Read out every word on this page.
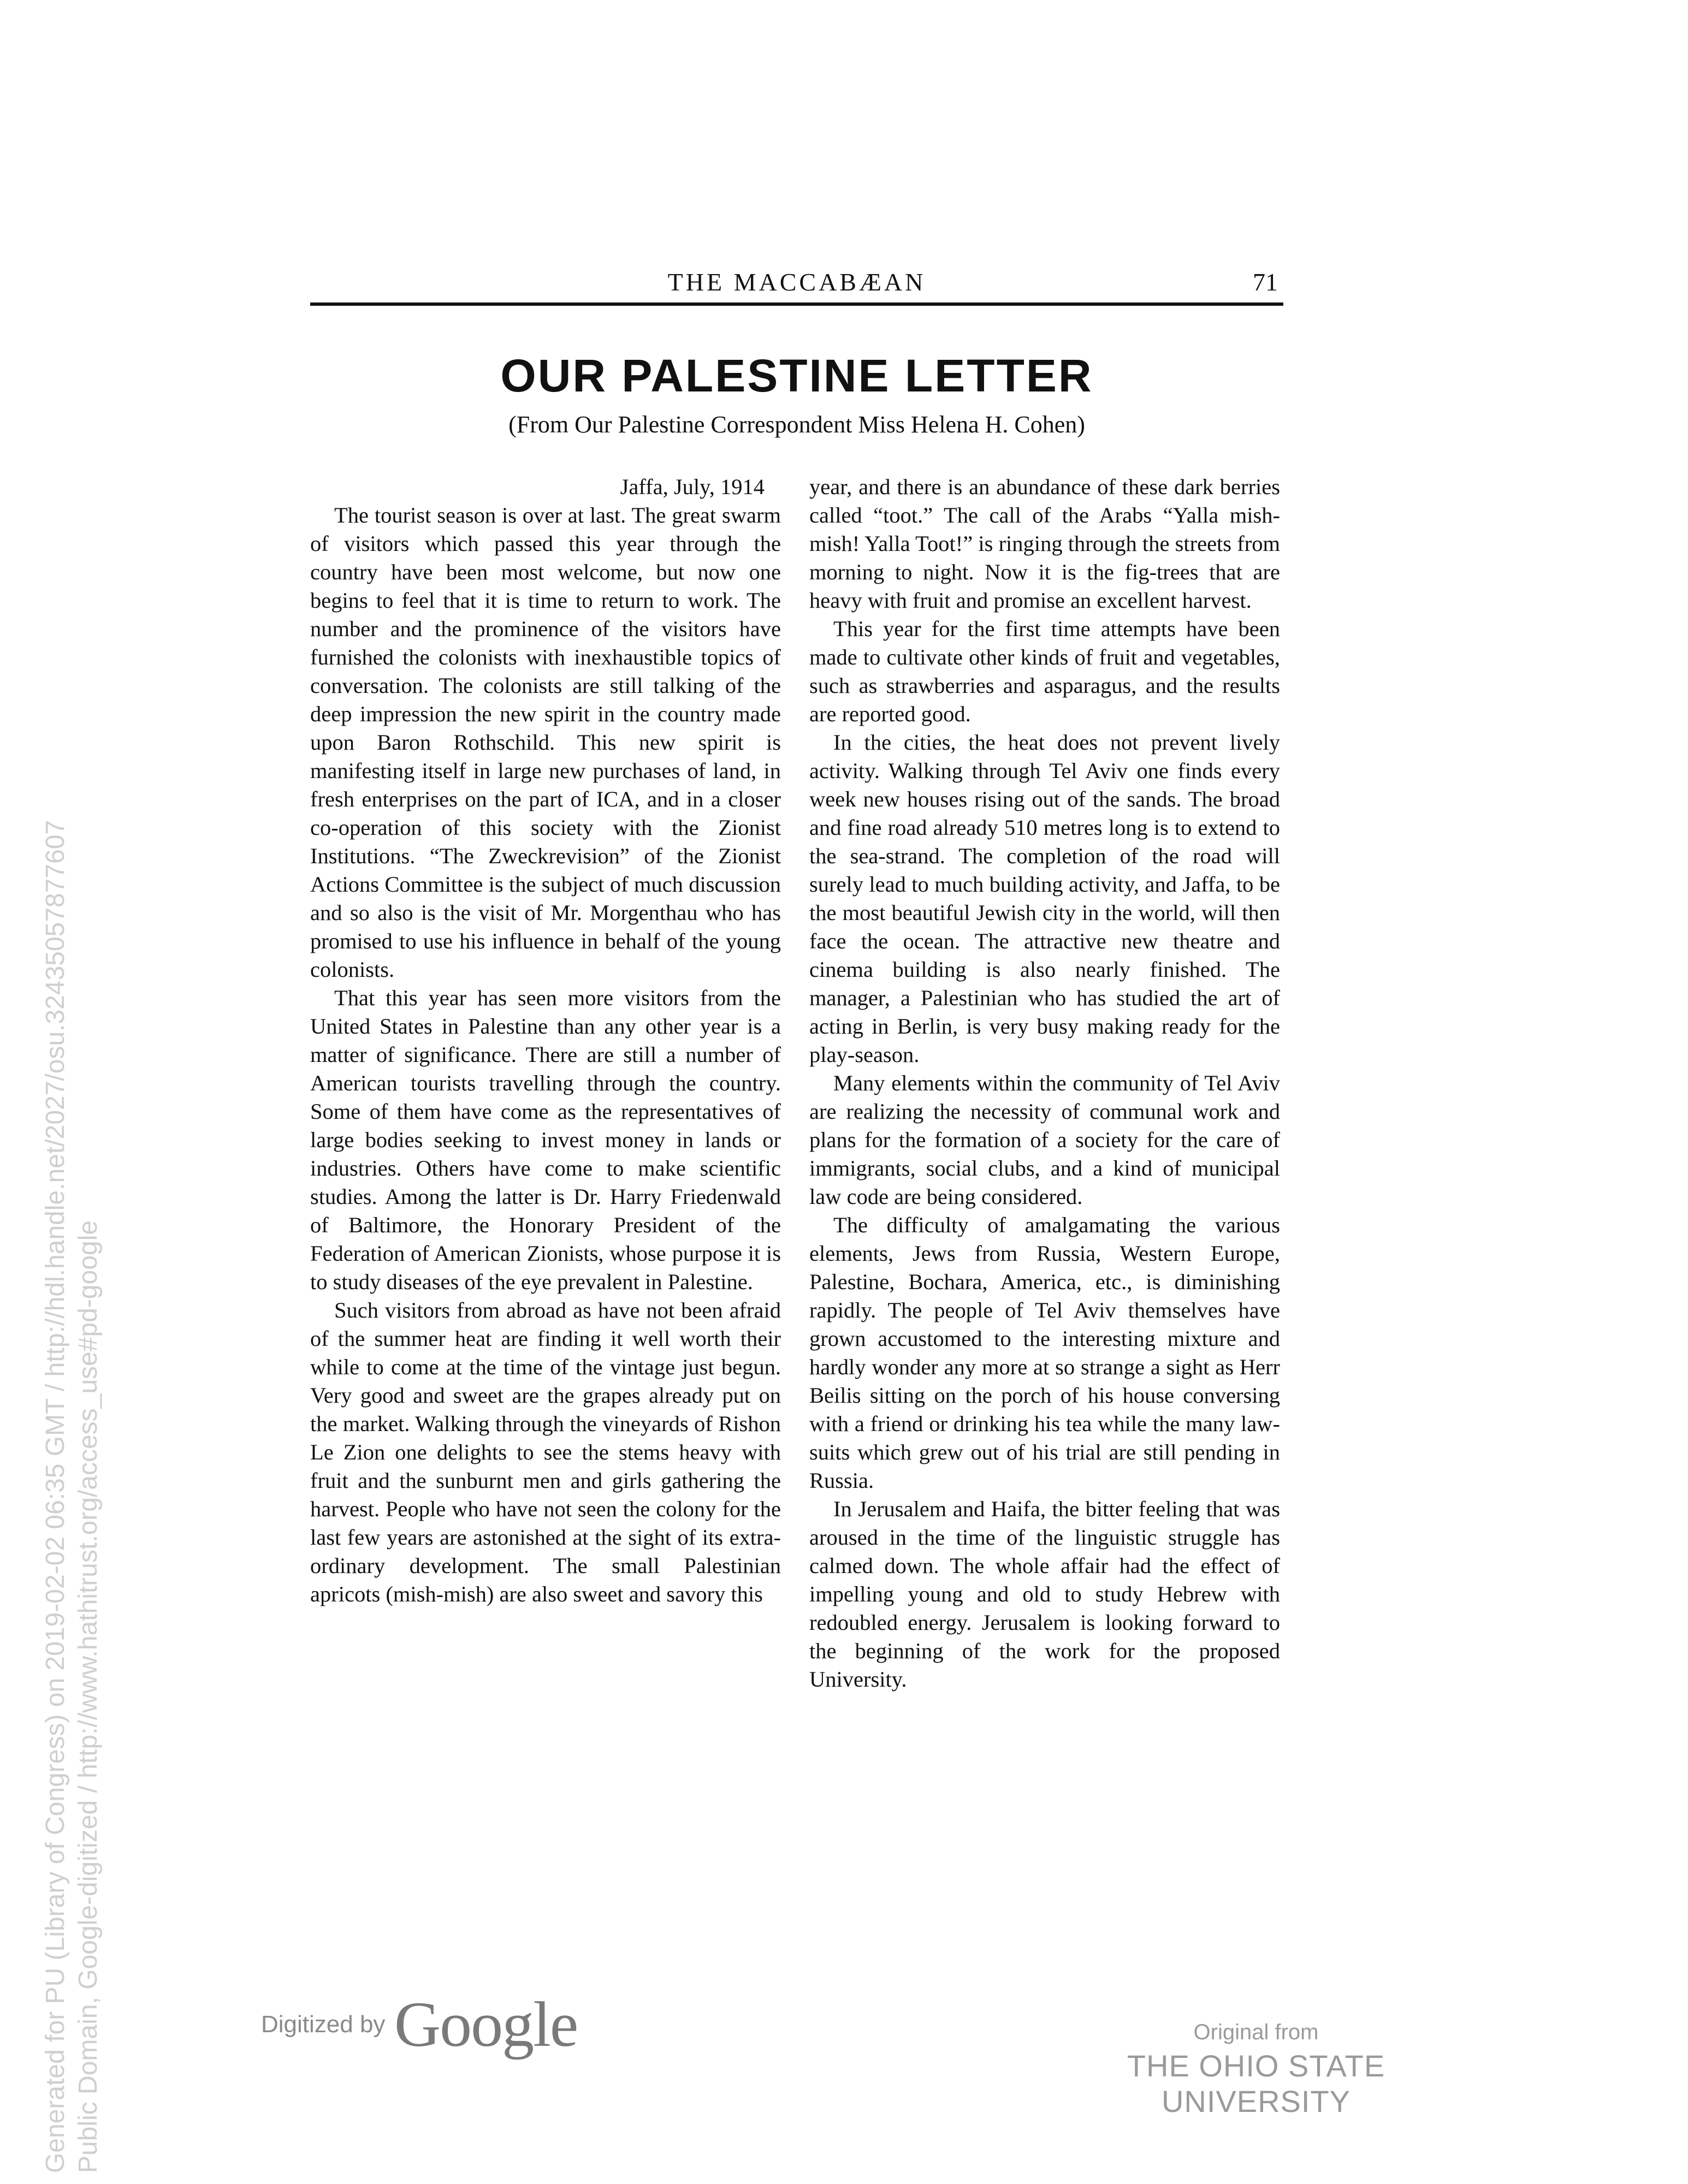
Generated for PU (Library of Congress) on 2019-02-02 06:35 GMT / http://hdl.handle.net/2027/osu.32435057877607 Public Domain, Google-digitized / http://www.hathitrust.org/access_use#pd-google
THE MACCABÆAN	71
OUR PALESTINE LETTER
(From Our Palestine Correspondent Miss Helena H. Cohen)
Jaffa, July, 1914

The tourist season is over at last. The great swarm of visitors which passed this year through the country have been most welcome, but now one begins to feel that it is time to return to work. The number and the prominence of the visitors have furnished the colonists with inexhaustible topics of conversation. The colonists are still talking of the deep impression the new spirit in the country made upon Baron Rothschild. This new spirit is manifesting itself in large new purchases of land, in fresh enterprises on the part of ICA, and in a closer co-operation of this society with the Zionist Institutions. “The Zweckrevision” of the Zionist Actions Committee is the subject of much discussion and so also is the visit of Mr. Morgenthau who has promised to use his influence in behalf of the young colonists.

That this year has seen more visitors from the United States in Palestine than any other year is a matter of significance. There are still a number of American tourists travelling through the country. Some of them have come as the representatives of large bodies seeking to invest money in lands or industries. Others have come to make scientific studies. Among the latter is Dr. Harry Friedenwald of Baltimore, the Honorary President of the Federation of American Zionists, whose purpose it is to study diseases of the eye prevalent in Palestine.

Such visitors from abroad as have not been afraid of the summer heat are finding it well worth their while to come at the time of the vintage just begun. Very good and sweet are the grapes already put on the market. Walking through the vineyards of Rishon Le Zion one delights to see the stems heavy with fruit and the sunburnt men and girls gathering the harvest. People who have not seen the colony for the last few years are astonished at the sight of its extra-ordinary development. The small Palestinian apricots (mish-mish) are also sweet and savory this

year, and there is an abundance of these dark berries called “toot.” The call of the Arabs “Yalla mish-mish! Yalla Toot!” is ringing through the streets from morning to night. Now it is the fig-trees that are heavy with fruit and promise an excellent harvest.

This year for the first time attempts have been made to cultivate other kinds of fruit and vegetables, such as strawberries and asparagus, and the results are reported good.

In the cities, the heat does not prevent lively activity. Walking through Tel Aviv one finds every week new houses rising out of the sands. The broad and fine road already 510 metres long is to extend to the sea-strand. The completion of the road will surely lead to much building activity, and Jaffa, to be the most beautiful Jewish city in the world, will then face the ocean. The attractive new theatre and cinema building is also nearly finished. The manager, a Palestinian who has studied the art of acting in Berlin, is very busy making ready for the play-season.

Many elements within the community of Tel Aviv are realizing the necessity of communal work and plans for the formation of a society for the care of immigrants, social clubs, and a kind of municipal law code are being considered.

The difficulty of amalgamating the various elements, Jews from Russia, Western Europe, Palestine, Bochara, America, etc., is diminishing rapidly. The people of Tel Aviv themselves have grown accustomed to the interesting mixture and hardly wonder any more at so strange a sight as Herr Beilis sitting on the porch of his house conversing with a friend or drinking his tea while the many law-suits which grew out of his trial are still pending in Russia.

In Jerusalem and Haifa, the bitter feeling that was aroused in the time of the linguistic struggle has calmed down. The whole affair had the effect of impelling young and old to study Hebrew with redoubled energy. Jerusalem is looking forward to the beginning of the work for the proposed University.

Digitized by Google	Original from
THE OHIO STATE UNIVERSITY
